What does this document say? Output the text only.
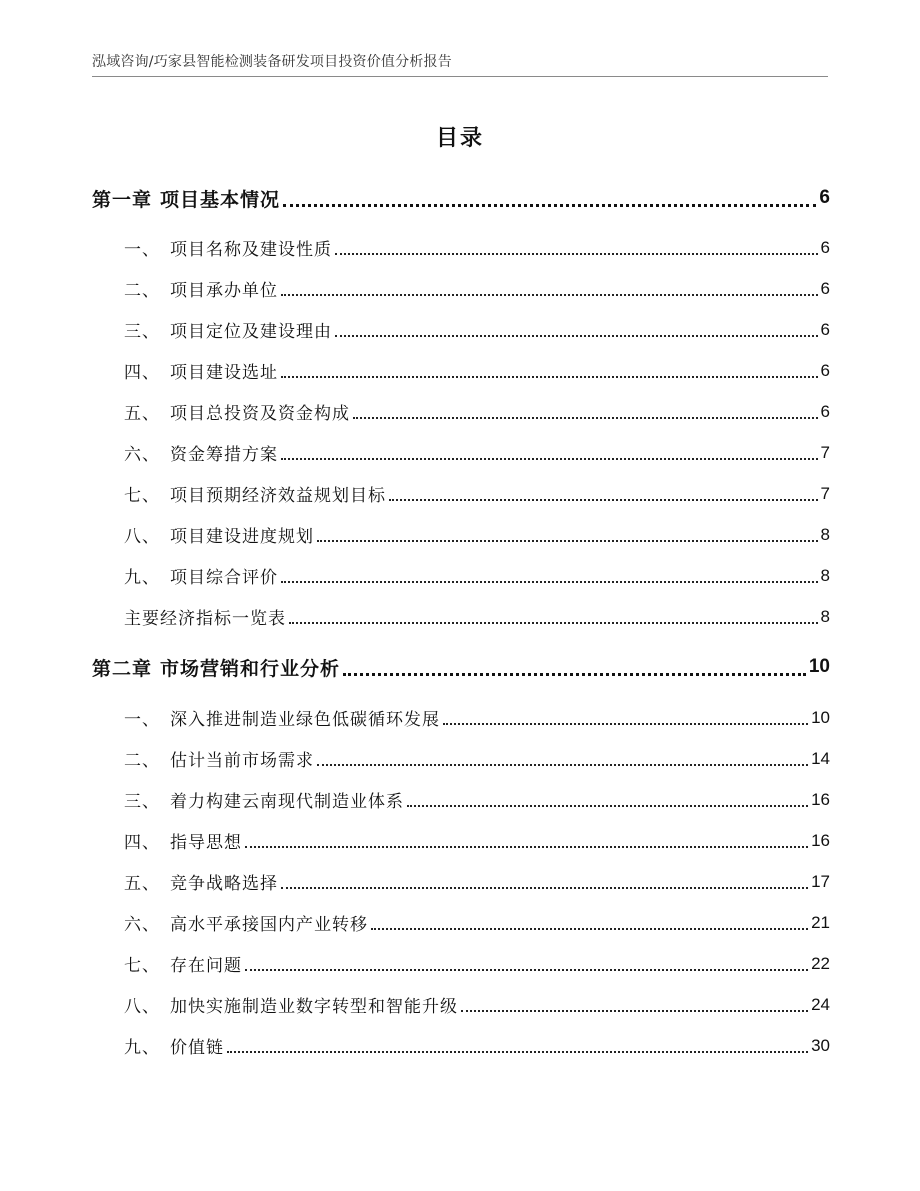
泓域咨询/巧家县智能检测装备研发项目投资价值分析报告
目录
第一章 项目基本情况	6
一、 项目名称及建设性质	6
二、 项目承办单位	6
三、 项目定位及建设理由	6
四、 项目建设选址	6
五、 项目总投资及资金构成	6
六、 资金筹措方案	7
七、 项目预期经济效益规划目标	7
八、 项目建设进度规划	8
九、 项目综合评价	8
主要经济指标一览表	8
第二章 市场营销和行业分析	10
一、 深入推进制造业绿色低碳循环发展	10
二、 估计当前市场需求	14
三、 着力构建云南现代制造业体系	16
四、 指导思想	16
五、 竞争战略选择	17
六、 高水平承接国内产业转移	21
七、 存在问题	22
八、 加快实施制造业数字转型和智能升级	24
九、 价值链	30
